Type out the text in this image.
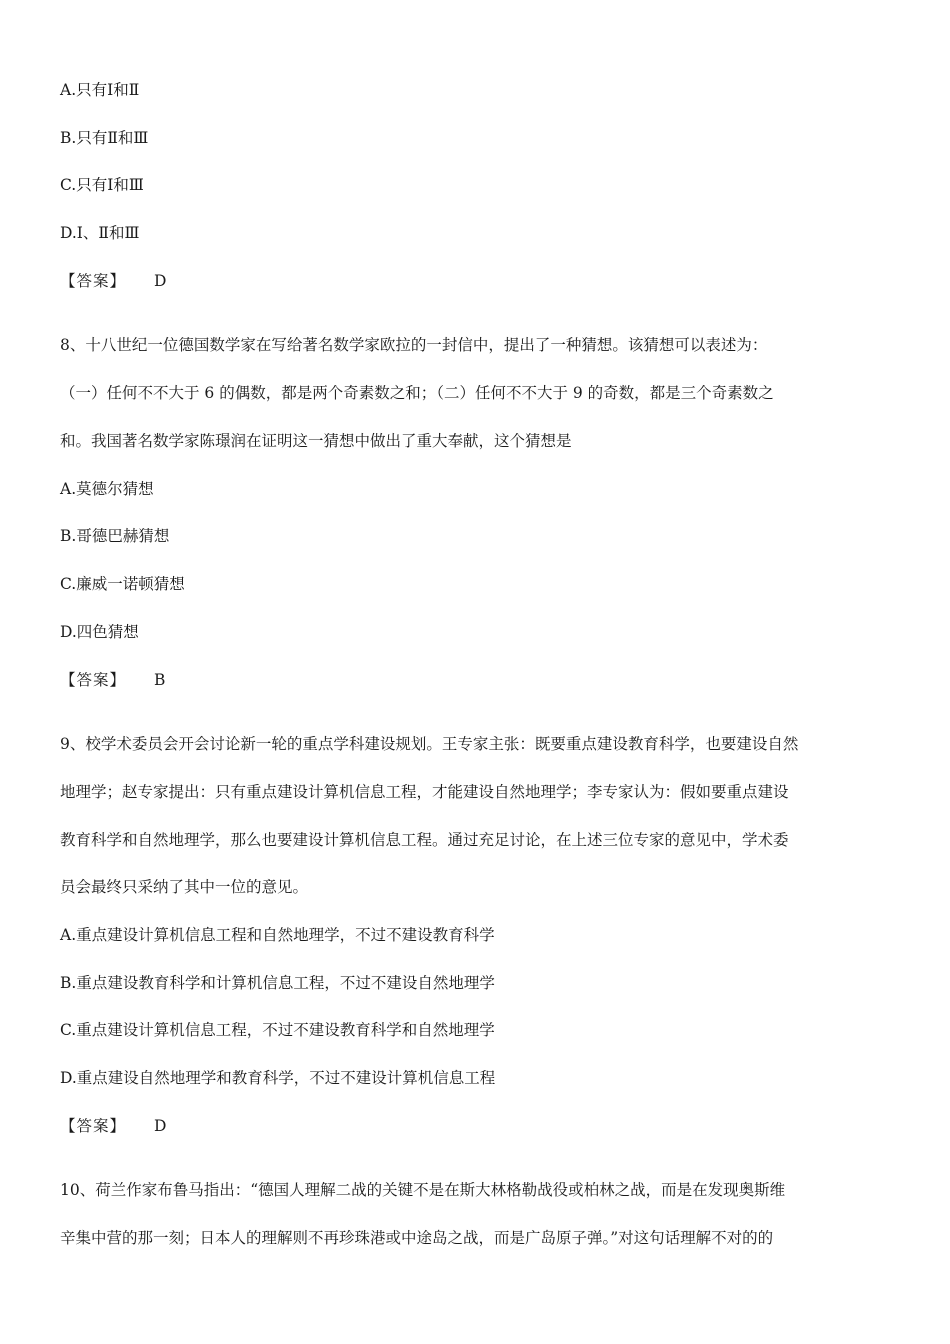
A.只有Ⅰ和Ⅱ
B.只有Ⅱ和Ⅲ
C.只有Ⅰ和Ⅲ
D.Ⅰ、Ⅱ和Ⅲ
【答案】 D
8、十八世纪一位德国数学家在写给著名数学家欧拉的一封信中，提出了一种猜想。该猜想可以表述为：
（一）任何不不大于 6 的偶数，都是两个奇素数之和；（二）任何不不大于 9 的奇数，都是三个奇素数之
和。我国著名数学家陈璟润在证明这一猜想中做出了重大奉献，这个猜想是
A.莫德尔猜想
B.哥德巴赫猜想
C.廉威一诺顿猜想
D.四色猜想
【答案】 B
9、校学术委员会开会讨论新一轮的重点学科建设规划。王专家主张：既要重点建设教育科学，也要建设自然
地理学；赵专家提出：只有重点建设计算机信息工程，才能建设自然地理学；李专家认为：假如要重点建设
教育科学和自然地理学，那么也要建设计算机信息工程。通过充足讨论，在上述三位专家的意见中，学术委
员会最终只采纳了其中一位的意见。
A.重点建设计算机信息工程和自然地理学，不过不建设教育科学
B.重点建设教育科学和计算机信息工程，不过不建设自然地理学
C.重点建设计算机信息工程，不过不建设教育科学和自然地理学
D.重点建设自然地理学和教育科学，不过不建设计算机信息工程
【答案】 D
10、荷兰作家布鲁马指出：“德国人理解二战的关键不是在斯大林格勒战役或柏林之战，而是在发现奥斯维
辛集中营的那一刻；日本人的理解则不再珍珠港或中途岛之战，而是广岛原子弹。”对这句话理解不对的的
